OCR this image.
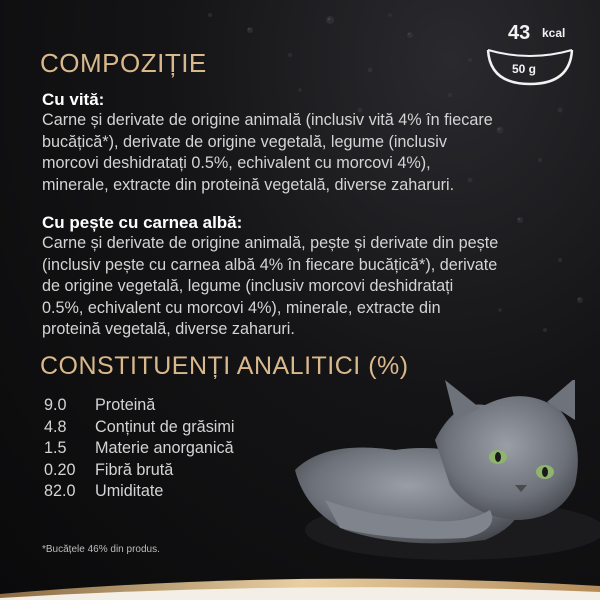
43 kcal
50 g
COMPOZIȚIE
Cu vită:
Carne și derivate de origine animală (inclusiv vită 4% în fiecare
bucățică*), derivate de origine vegetală, legume (inclusiv
morcovi deshidratați 0.5%, echivalent cu morcovi 4%),
minerale, extracte din proteină vegetală, diverse zaharuri.
Cu pește cu carnea albă:
Carne și derivate de origine animală, pește și derivate din pește
(inclusiv pește cu carnea albă 4% în fiecare bucățică*), derivate
de origine vegetală, legume (inclusiv morcovi deshidratați
0.5%, echivalent cu morcovi 4%), minerale, extracte din
proteină vegetală, diverse zaharuri.
CONSTITUENȚI ANALITICI (%)
9.0	Proteină
4.8	Conținut de grăsimi
1.5	Materie anorganică
0.20	Fibră brută
82.0	Umiditate
*Bucățele 46% din produs.
